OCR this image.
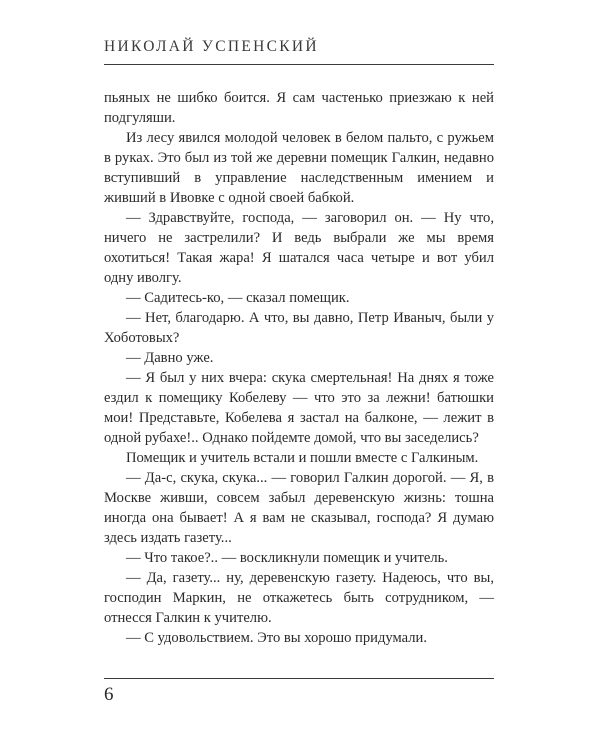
НИКОЛАЙ УСПЕНСКИЙ

пьяных не шибко боится. Я сам частенько приезжаю к ней подгуляши.

Из лесу явился молодой человек в белом пальто, с ружьем в руках. Это был из той же деревни помещик Галкин, недавно вступивший в управление наследственным имением и живший в Ивовке с одной своей бабкой.

— Здравствуйте, господа, — заговорил он. — Ну что, ничего не застрелили? И ведь выбрали же мы время охотиться! Такая жара! Я шатался часа четыре и вот убил одну иволгу.

— Садитесь-ко, — сказал помещик.

— Нет, благодарю. А что, вы давно, Петр Иваныч, были у Хоботовых?

— Давно уже.

— Я был у них вчера: скука смертельная! На днях я тоже ездил к помещику Кобелеву — что это за лежни! батюшки мои! Представьте, Кобелева я застал на балконе, — лежит в одной рубахе!.. Однако пойдемте домой, что вы заседелись?

Помещик и учитель встали и пошли вместе с Галкиным.

— Да-с, скука, скука... — говорил Галкин дорогой. — Я, в Москве живши, совсем забыл деревенскую жизнь: тошна иногда она бывает! А я вам не сказывал, господа? Я думаю здесь издать газету...

— Что такое?.. — воскликнули помещик и учитель.

— Да, газету... ну, деревенскую газету. Надеюсь, что вы, господин Маркин, не откажетесь быть сотрудником, — отнесся Галкин к учителю.

— С удовольствием. Это вы хорошо придумали.

6
